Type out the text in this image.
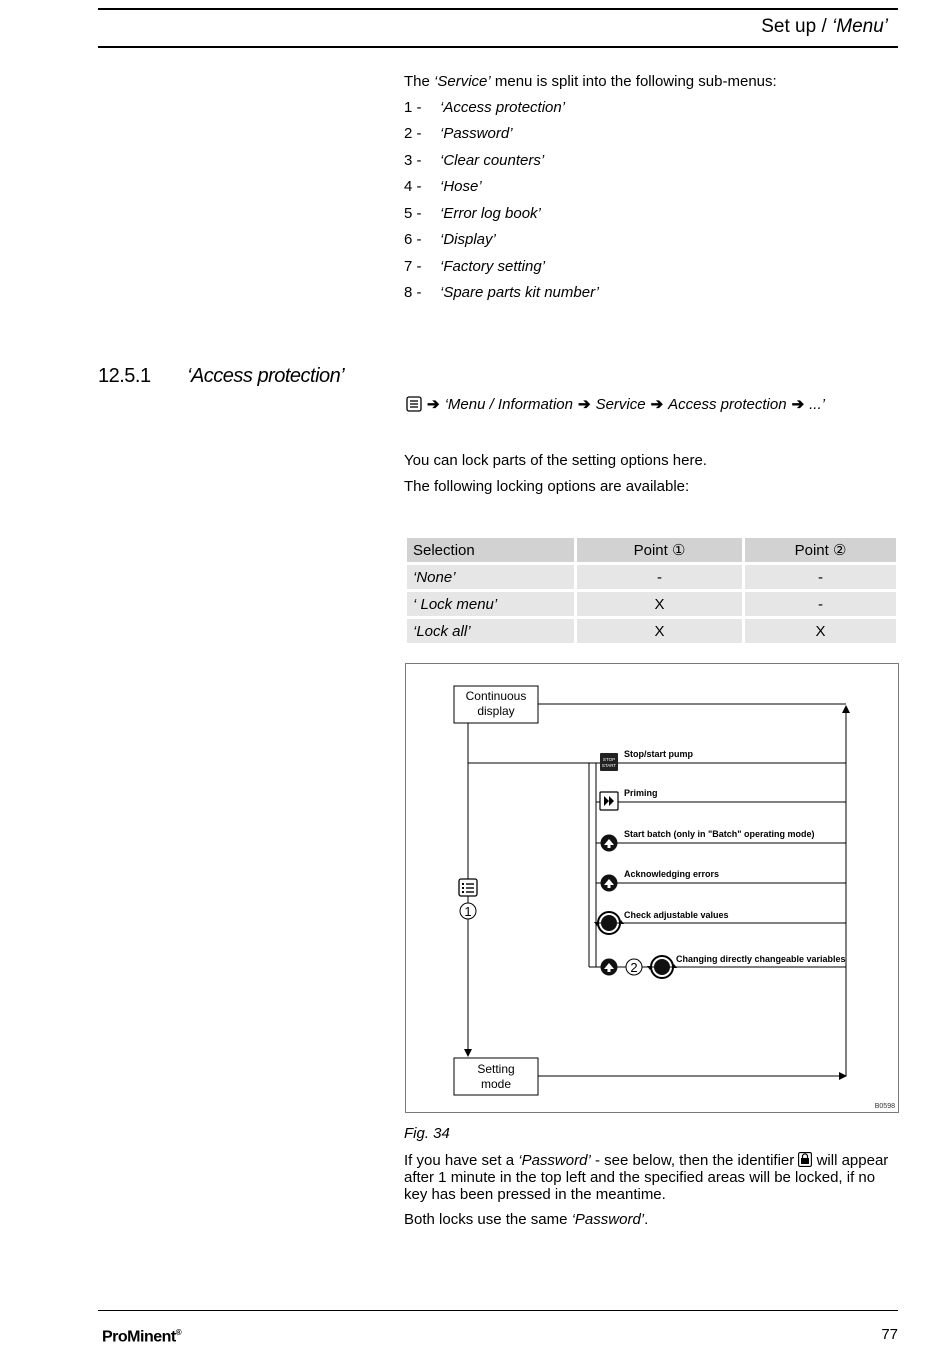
Set up / ‘Menu’
The ‘Service’ menu is split into the following sub-menus:
1 - ‘Access protection’
2 - ‘Password’
3 - ‘Clear counters’
4 - ‘Hose’
5 - ‘Error log book’
6 - ‘Display’
7 - ‘Factory setting’
8 - ‘Spare parts kit number’
12.5.1 ‘Access protection’
➔ ‘Menu / Information ➔ Service ➔ Access protection ➔ ...’
You can lock parts of the setting options here.
The following locking options are available:
Selection	Point ①	Point ②
‘None’	-	-
‘ Lock menu’	X	-
‘Lock all’	X	X
Continuous
display
Setting
mode
STOP
START
Stop/start pump
Priming
Start batch (only in "Batch" operating mode)
Acknowledging errors
Check adjustable values
2
Changing directly changeable variables
1
B0598
Fig. 34
If you have set a ‘Password’ - see below, then the identifier  will appear after 1 minute in the top left and the specified areas will be locked, if no key has been pressed in the meantime.
Both locks use the same ‘Password’.
ProMinent®	77
